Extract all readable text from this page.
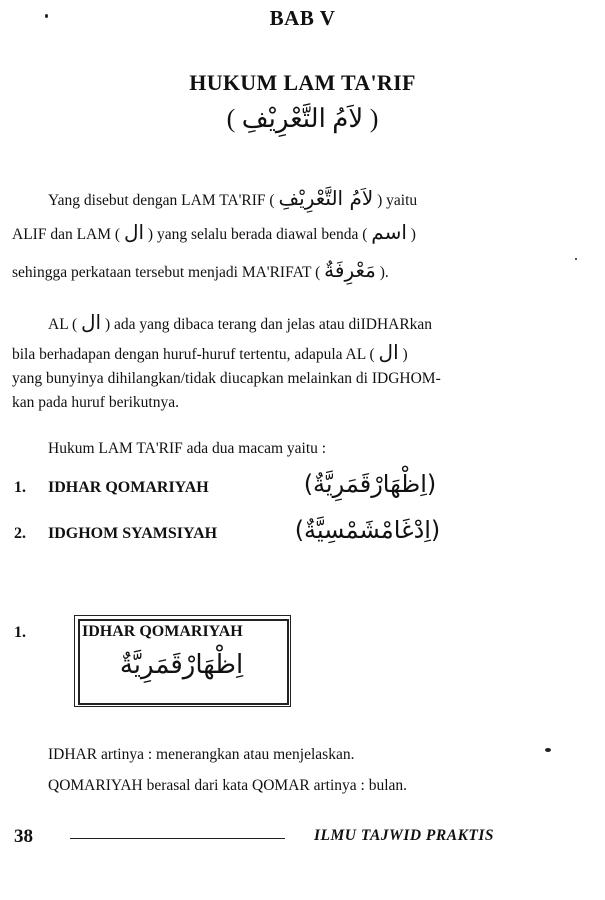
BAB V
HUKUM LAM TA'RIF
( لاَمُ التَّعْرِيْفِ )
Yang disebut dengan LAM TA'RIF ( لاَمُ التَّعْرِيْفِ ) yaitu
ALIF dan LAM ( ال ) yang selalu berada diawal benda ( اسم )
sehingga perkataan tersebut menjadi MA'RIFAT ( مَعْرِفَةٌ ).
AL ( ال ) ada yang dibaca terang dan jelas atau diIDHARkan
bila berhadapan dengan huruf-huruf tertentu, adapula AL ( ال )
yang bunyinya dihilangkan/tidak diucapkan melainkan di IDGHOM-
kan pada huruf berikutnya.
Hukum LAM TA'RIF ada dua macam yaitu :
1. IDHAR QOMARIYAH	(اِظْهَارْقَمَرِيَّةٌ)
2. IDGHOM SYAMSIYAH	(اِدْغَامْشَمْسِيَّةٌ)
1.	IDHAR QOMARIYAH
اِظْهَارْقَمَرِيَّةٌ
IDHAR artinya : menerangkan atau menjelaskan.
QOMARIYAH berasal dari kata QOMAR artinya : bulan.
38	ILMU TAJWID PRAKTIS
